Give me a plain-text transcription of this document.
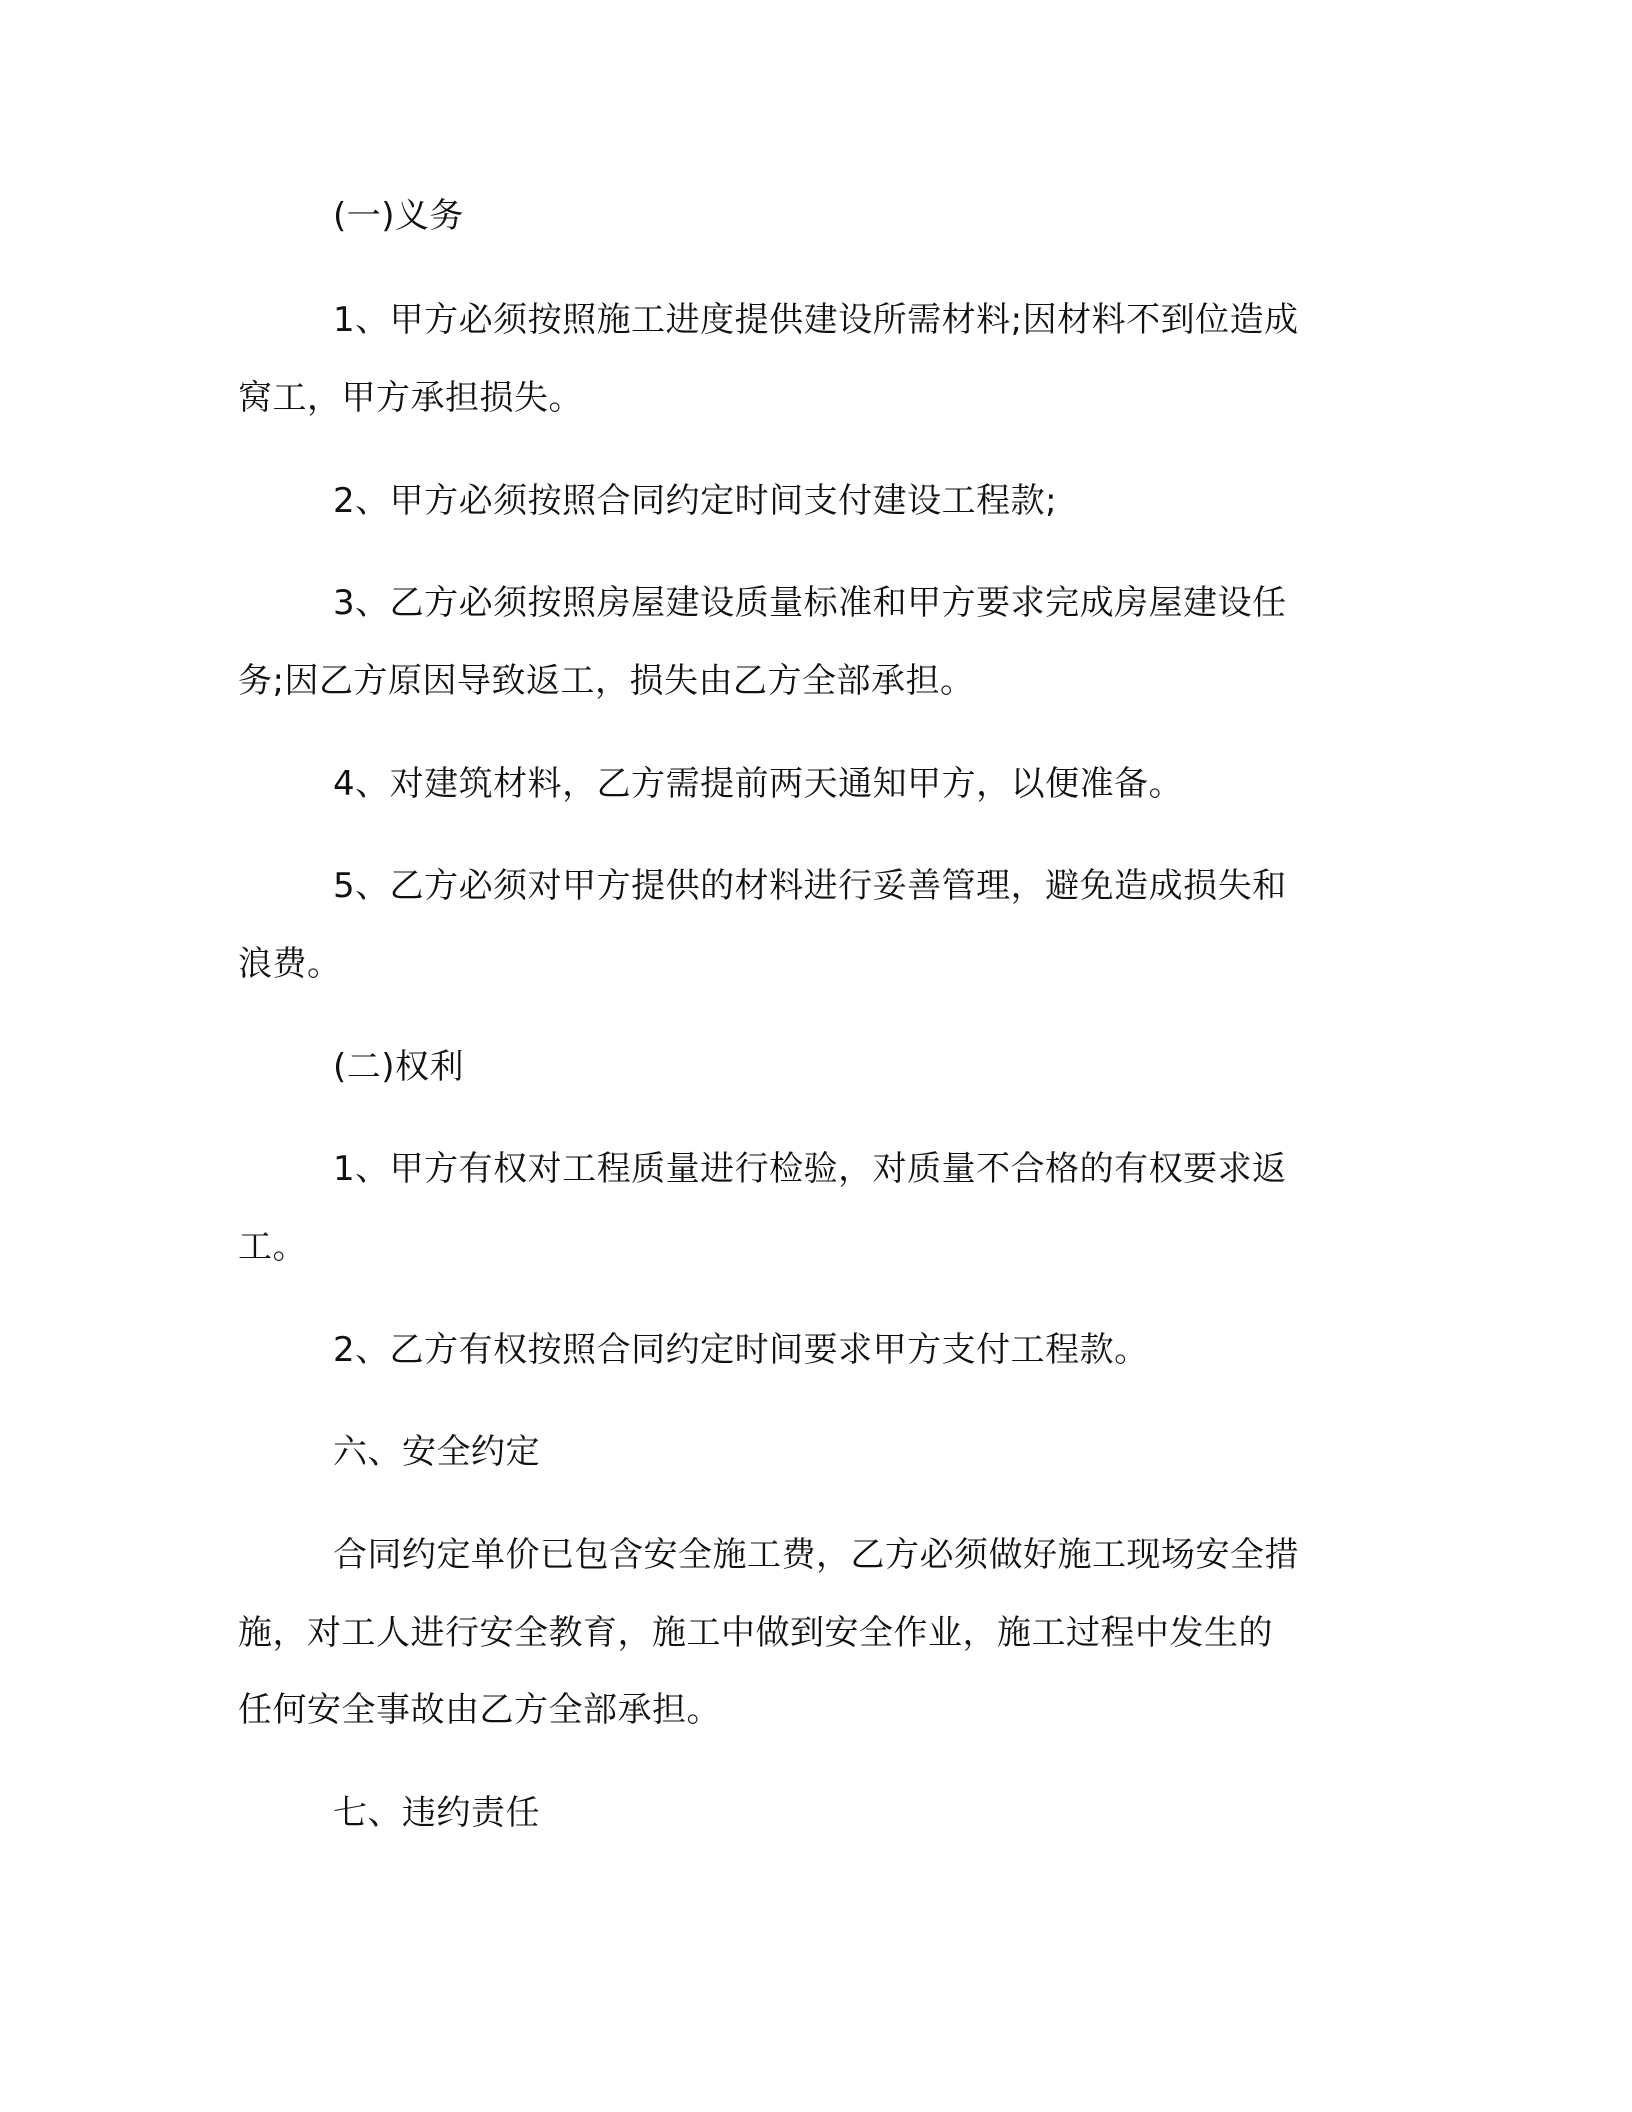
(一)义务

1、甲方必须按照施工进度提供建设所需材料;因材料不到位造成

窝工，甲方承担损失。

2、甲方必须按照合同约定时间支付建设工程款;

3、乙方必须按照房屋建设质量标准和甲方要求完成房屋建设任

务;因乙方原因导致返工，损失由乙方全部承担。

4、对建筑材料，乙方需提前两天通知甲方，以便准备。

5、乙方必须对甲方提供的材料进行妥善管理，避免造成损失和

浪费。

(二)权利

1、甲方有权对工程质量进行检验，对质量不合格的有权要求返

工。

2、乙方有权按照合同约定时间要求甲方支付工程款。

六、安全约定

合同约定单价已包含安全施工费，乙方必须做好施工现场安全措

施，对工人进行安全教育，施工中做到安全作业，施工过程中发生的

任何安全事故由乙方全部承担。

七、违约责任
